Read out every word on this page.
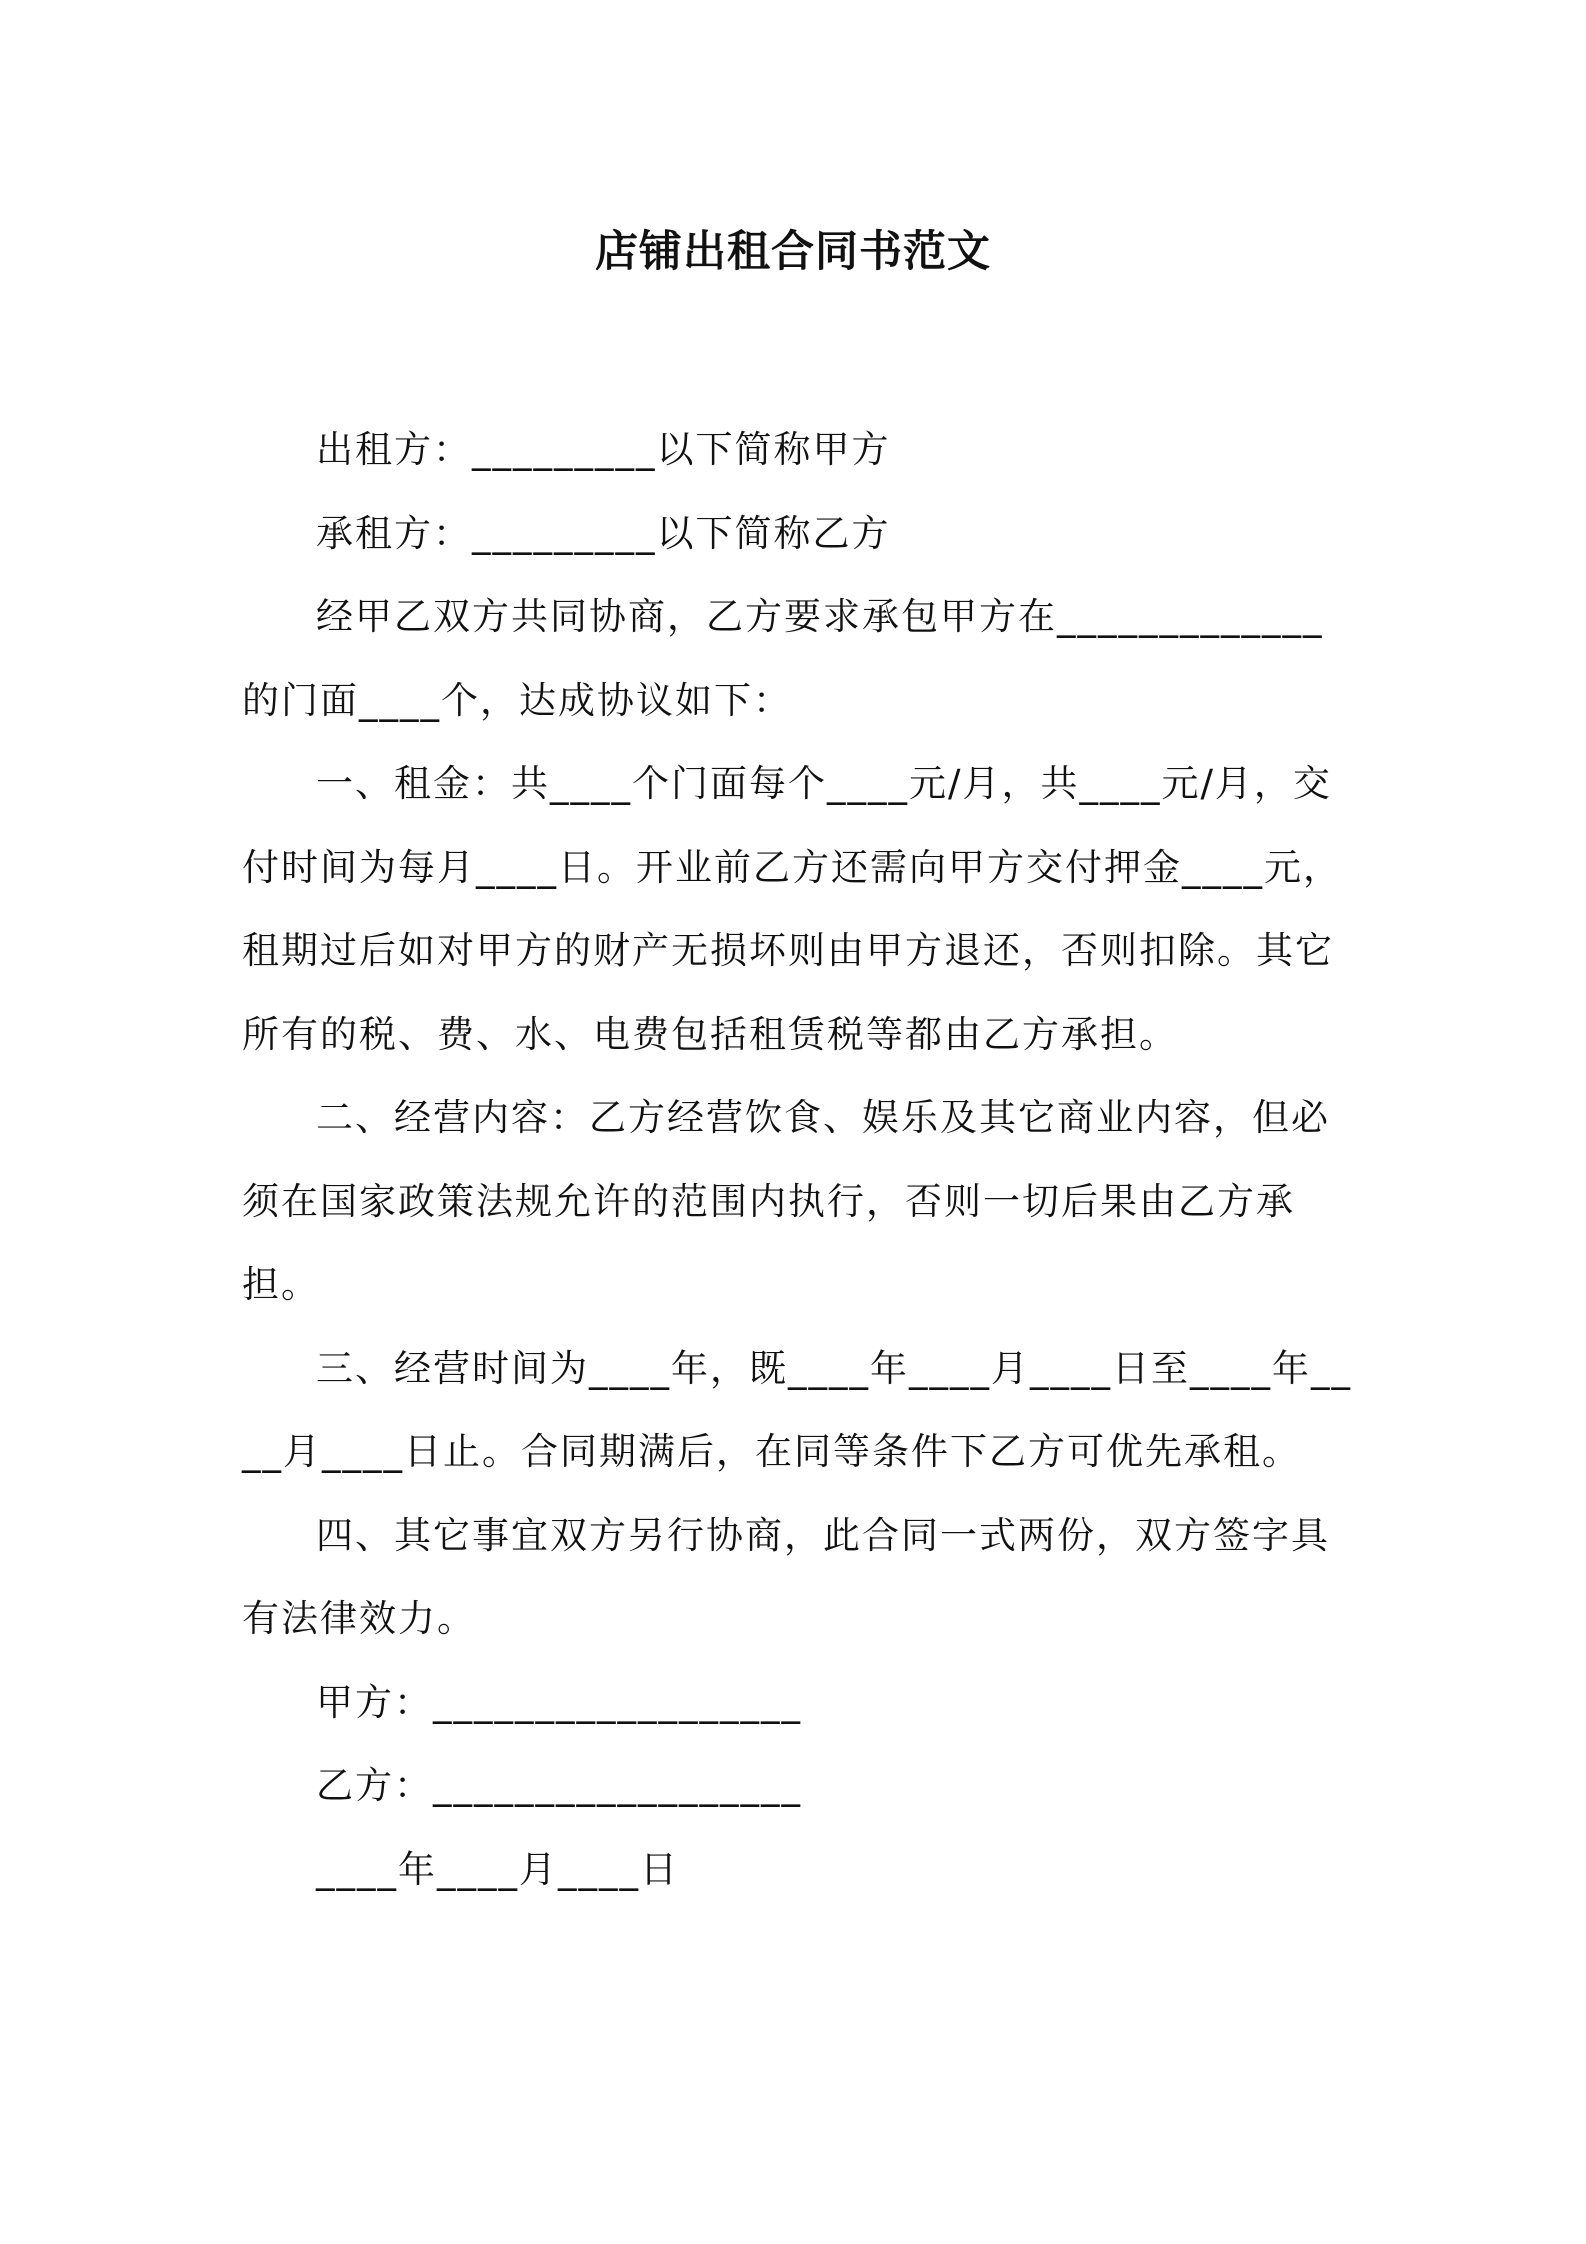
店铺出租合同书范文

出租方：_________以下简称甲方

承租方：_________以下简称乙方

经甲乙双方共同协商，乙方要求承包甲方在_____________的门面____个，达成协议如下：

一、租金：共____个门面每个____元/月，共____元/月，交付时间为每月____日。开业前乙方还需向甲方交付押金____元，租期过后如对甲方的财产无损坏则由甲方退还，否则扣除。其它所有的税、费、水、电费包括租赁税等都由乙方承担。

二、经营内容：乙方经营饮食、娱乐及其它商业内容，但必须在国家政策法规允许的范围内执行，否则一切后果由乙方承担。

三、经营时间为____年，既____年____月____日至____年____月____日止。合同期满后，在同等条件下乙方可优先承租。

四、其它事宜双方另行协商，此合同一式两份，双方签字具有法律效力。

甲方：__________________

乙方：__________________

____年____月____日
